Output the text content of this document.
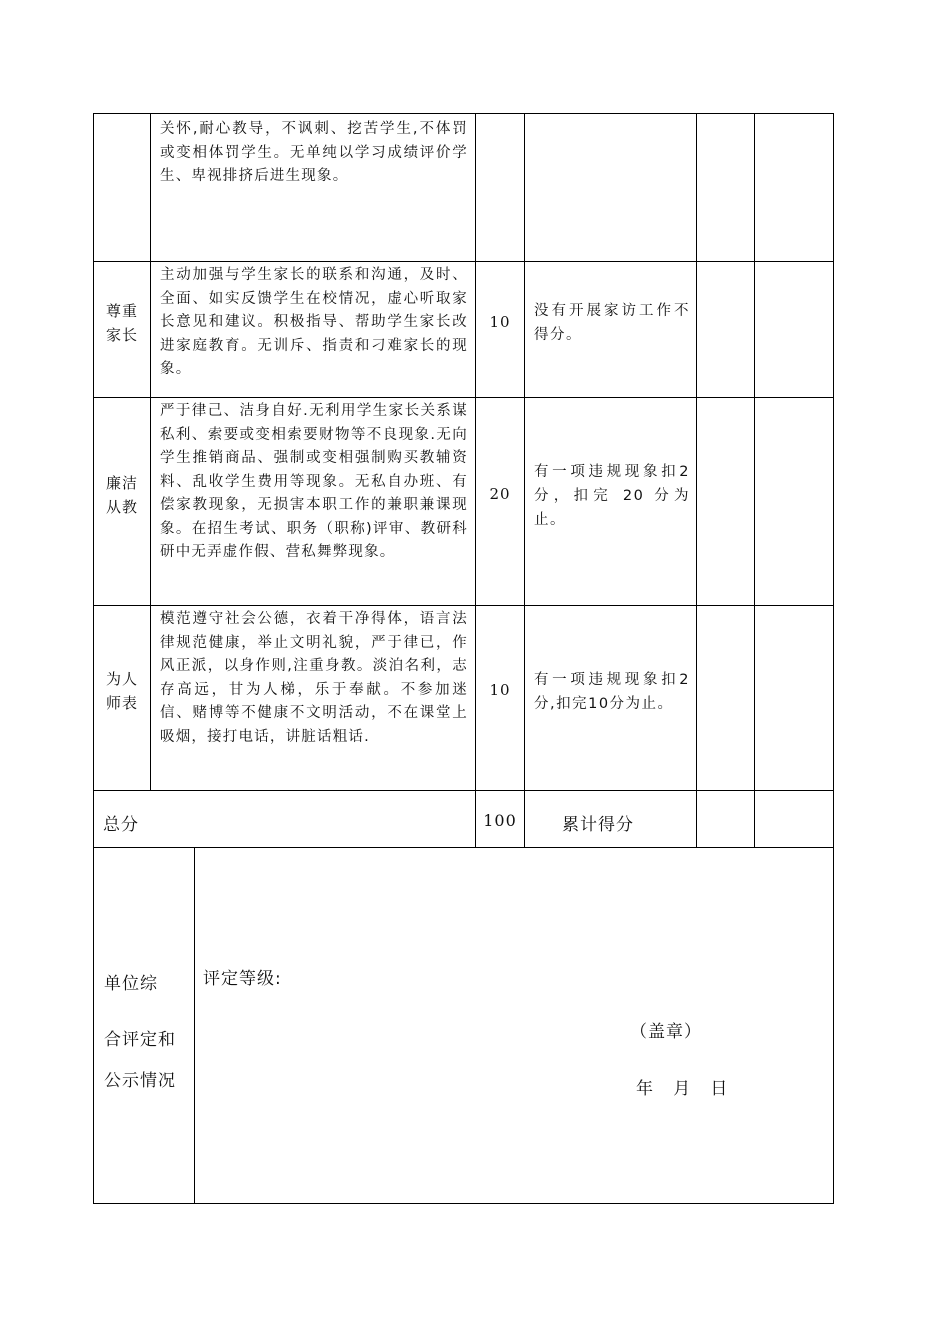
关怀,耐心教导，不讽刺、挖苦学生,不体罚或变相体罚学生。无单纯以学习成绩评价学生、卑视排挤后进生现象。
尊重家长
主动加强与学生家长的联系和沟通，及时、全面、如实反馈学生在校情况，虚心听取家长意见和建议。积极指导、帮助学生家长改进家庭教育。无训斥、指责和刁难家长的现象。
10
没有开展家访工作不得分。
廉洁从教
严于律己、洁身自好.无利用学生家长关系谋私利、索要或变相索要财物等不良现象.无向学生推销商品、强制或变相强制购买教辅资料、乱收学生费用等现象。无私自办班、有偿家教现象，无损害本职工作的兼职兼课现象。在招生考试、职务（职称)评审、教研科研中无弄虚作假、营私舞弊现象。
20
有一项违规现象扣2分，扣完 20 分为止。
为人师表
模范遵守社会公德，衣着干净得体，语言法律规范健康，举止文明礼貌，严于律已，作风正派，以身作则,注重身教。淡泊名利，志存高远，甘为人梯，乐于奉献。不参加迷信、赌博等不健康不文明活动，不在课堂上吸烟，接打电话，讲脏话粗话.
10
有一项违规现象扣2分,扣完10分为止。
总分	100	累计得分
单位综
合评定和
公示情况
评定等级:
（盖章）
年   月   日
